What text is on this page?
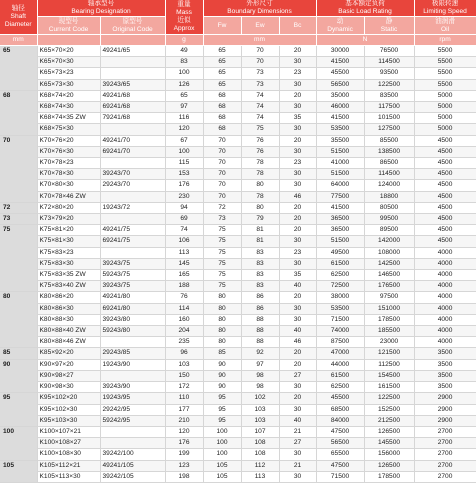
轴径
Shaft
Diameter	轴承型号
Bearing Designation		重量
Mass
近似
Approx	外形尺寸
Boundary Dimensions			基本额定负荷
Basic Load Rating		极限转速
Limiting Speed

	现型号
Current Code	原型号
Original Code		Fw	Ew	Bc	动
Dynamic	静
Static	油润滑
Oil

mm			g	mm			N		rpm
65	K65×70×20	49241/65	49	65	70	20	30000	76500	5500
	K65×70×30		83	65	70	30	41500	114500	5500
	K65×73×23		100	65	73	23	45500	93500	5500
	K65×73×30	39243/65	126	65	73	30	56500	122500	5500
68	K68×74×20	49241/68	65	68	74	20	35000	83500	5000
	K68×74×30	69241/68	97	68	74	30	46000	117500	5000
	K68×74×35 ZW	79241/68	116	68	74	35	41500	101500	5000
	K68×75×30		120	68	75	30	53500	127500	5000
70	K70×76×20	49241/70	67	70	76	20	35500	85500	4500
	K70×76×30	69241/70	100	70	76	30	51500	138500	4500
	K70×78×23		115	70	78	23	41000	86500	4500
	K70×78×30	39243/70	153	70	78	30	51500	114500	4500
	K70×80×30	29243/70	176	70	80	30	64000	124000	4500
	K70×78×46 ZW		230	70	78	46	77500	18800	4500
72	K72×80×20	19243/72	94	72	80	20	41500	80500	4500
73	K73×79×20		69	73	79	20	36500	99500	4500
75	K75×81×20	49241/75	74	75	81	20	36500	89500	4500
	K75×81×30	69241/75	106	75	81	30	51500	142000	4500
	K75×83×23		113	75	83	23	49500	108000	4000
	K75×83×30	39243/75	145	75	83	30	61500	142500	4000
	K75×83×35 ZW	59243/75	165	75	83	35	62500	146500	4000
	K75×83×40 ZW	39243/75	188	75	83	40	72500	176500	4000
80	K80×86×20	49241/80	76	80	86	20	38000	97500	4000
	K80×86×30	69241/80	114	80	86	30	53500	151000	4000
	K80×88×30	39243/80	160	80	88	30	71500	178500	4000
	K80×88×40 ZW	59243/80	204	80	88	40	74000	185500	4000
	K80×88×46 ZW		235	80	88	46	87500	23000	4000
85	K85×92×20	29243/85	96	85	92	20	47000	121500	3500
90	K90×97×20	19243/90	103	90	97	20	44000	112500	3500
	K90×98×27		150	90	98	27	61500	154500	3500
	K90×98×30	39243/90	172	90	98	30	62500	161500	3500
95	K95×102×20	19243/95	110	95	102	20	45500	122500	2900
	K95×102×30	29242/95	177	95	103	30	68500	152500	2900
	K95×103×30	59242/95	210	95	103	40	84000	212500	2900
100	K100×107×21		120	100	107	21	47500	126500	2700
	K100×108×27		176	100	108	27	56500	145500	2700
	K100×108×30	39242/100	199	100	108	30	65500	156000	2700
105	K105×112×21	49241/105	123	105	112	21	47500	126500	2700
	K105×113×30	39242/105	198	105	113	30	71500	178500	2700
